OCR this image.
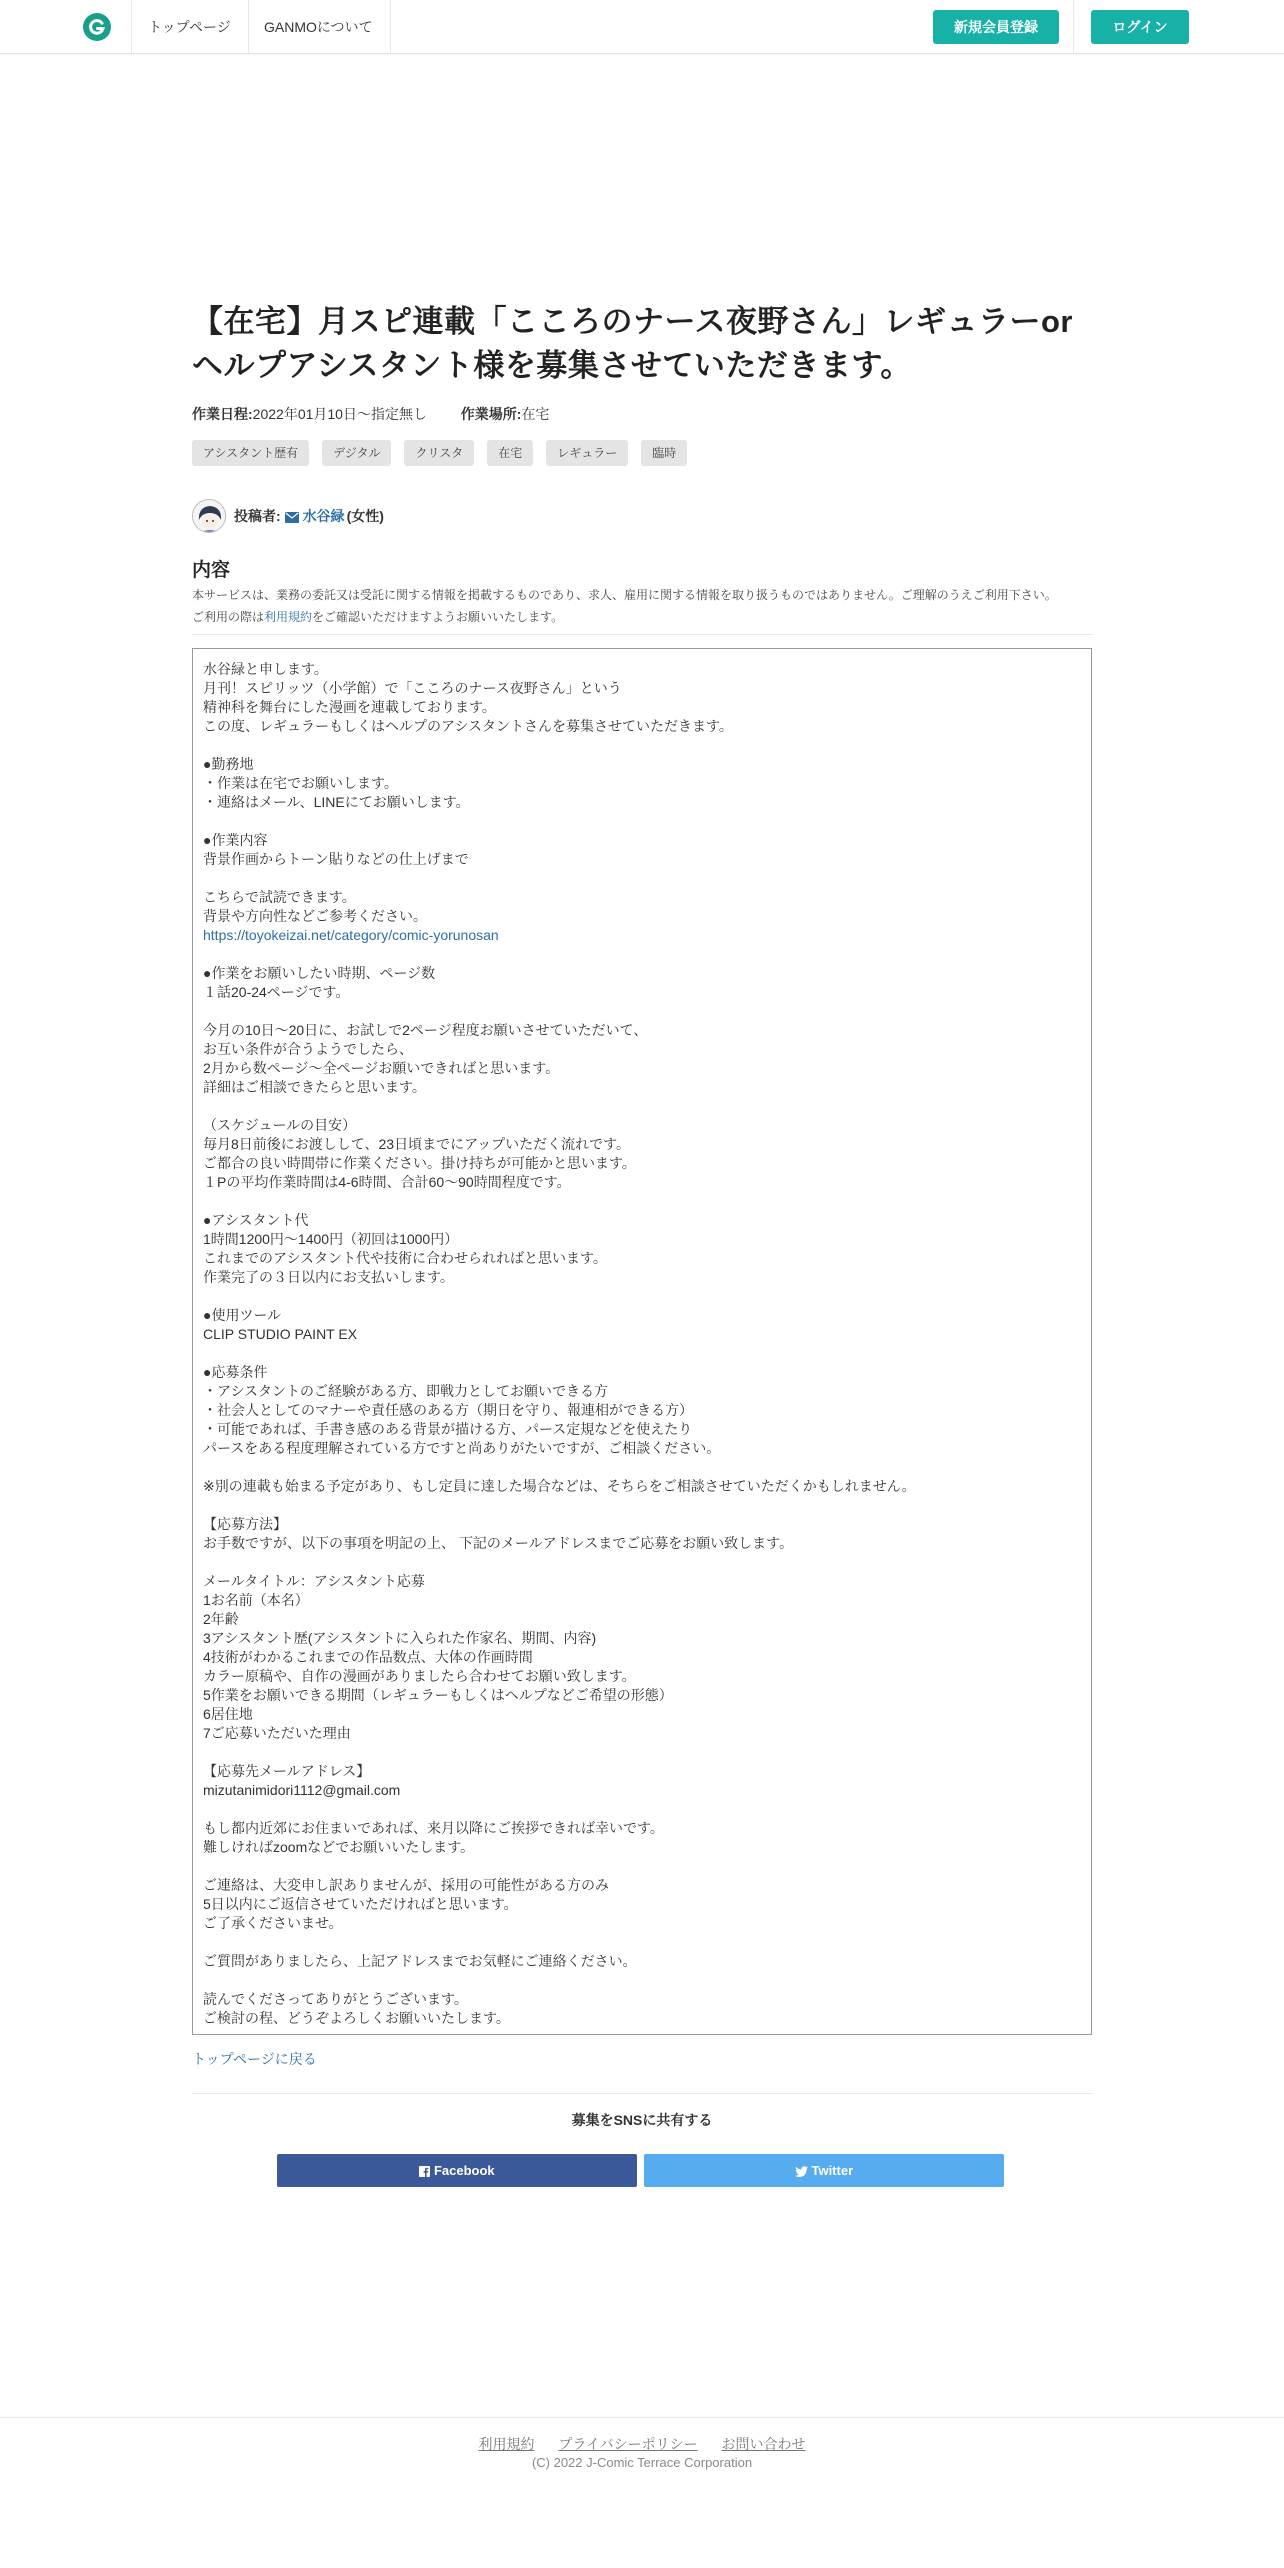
トップページ GANMOについて	新規会員登録	ログイン
【在宅】月スピ連載「こころのナース夜野さん」レギュラーorヘルプアシスタント様を募集させていただきます。
作業日程:2022年01月10日〜指定無し 作業場所:在宅
アシスタント歴有	デジタル	クリスタ	在宅	レギュラー	臨時
投稿者:	水谷緑 (女性)
内容
本サービスは、業務の委託又は受託に関する情報を掲載するものであり、求人、雇用に関する情報を取り扱うものではありません。ご理解のうえご利用下さい。
ご利用の際は利用規約をご確認いただけますようお願いいたします。
水谷緑と申します。
月刊！スピリッツ（小学館）で「こころのナース夜野さん」という
精神科を舞台にした漫画を連載しております。
この度、レギュラーもしくはヘルプのアシスタントさんを募集させていただきます。

●勤務地
・作業は在宅でお願いします。
・連絡はメール、LINEにてお願いします。

●作業内容
背景作画からトーン貼りなどの仕上げまで

こちらで試読できます。
背景や方向性などご参考ください。
https://toyokeizai.net/category/comic-yorunosan

●作業をお願いしたい時期、ページ数
１話20-24ページです。

今月の10日〜20日に、お試しで2ページ程度お願いさせていただいて、
お互い条件が合うようでしたら、
2月から数ページ〜全ページお願いできればと思います。
詳細はご相談できたらと思います。

（スケジュールの目安）
毎月8日前後にお渡しして、23日頃までにアップいただく流れです。
ご都合の良い時間帯に作業ください。掛け持ちが可能かと思います。
１Pの平均作業時間は4-6時間、合計60〜90時間程度です。

●アシスタント代
1時間1200円〜1400円（初回は1000円）
これまでのアシスタント代や技術に合わせられればと思います。
作業完了の３日以内にお支払いします。

●使用ツール
CLIP STUDIO PAINT EX

●応募条件
・アシスタントのご経験がある方、即戦力としてお願いできる方
・社会人としてのマナーや責任感のある方（期日を守り、報連相ができる方）
・可能であれば、手書き感のある背景が描ける方、パース定規などを使えたり
パースをある程度理解されている方ですと尚ありがたいですが、ご相談ください。

※別の連載も始まる予定があり、もし定員に達した場合などは、そちらをご相談させていただくかもしれません。

【応募方法】
お手数ですが、以下の事項を明記の上、 下記のメールアドレスまでご応募をお願い致します。

メールタイトル：アシスタント応募
1お名前（本名）
2年齢
3アシスタント歴(アシスタントに入られた作家名、期間、内容)
4技術がわかるこれまでの作品数点、大体の作画時間
カラー原稿や、自作の漫画がありましたら合わせてお願い致します。
5作業をお願いできる期間（レギュラーもしくはヘルプなどご希望の形態）
6居住地
7ご応募いただいた理由

【応募先メールアドレス】
mizutanimidori1112@gmail.com

もし都内近郊にお住まいであれば、来月以降にご挨拶できれば幸いです。
難しければzoomなどでお願いいたします。

ご連絡は、大変申し訳ありませんが、採用の可能性がある方のみ
5日以内にご返信させていただければと思います。
ご了承くださいませ。

ご質問がありましたら、上記アドレスまでお気軽にご連絡ください。

読んでくださってありがとうございます。
ご検討の程、どうぞよろしくお願いいたします。
トップページに戻る
募集をSNSに共有する
Facebook	Twitter
利用規約 プライバシーポリシー お問い合わせ
(C) 2022 J-Comic Terrace Corporation
